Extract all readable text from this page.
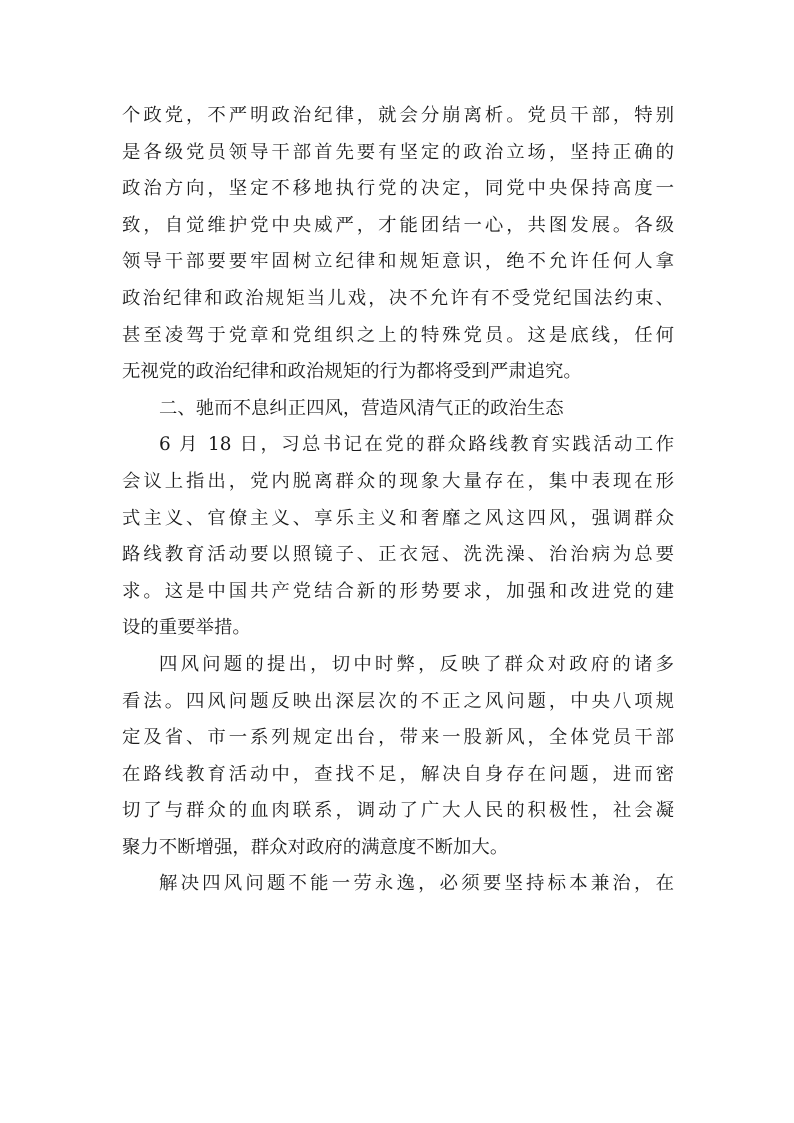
个政党，不严明政治纪律，就会分崩离析。党员干部，特别
是各级党员领导干部首先要有坚定的政治立场，坚持正确的
政治方向，坚定不移地执行党的决定，同党中央保持高度一
致，自觉维护党中央威严，才能团结一心，共图发展。各级
领导干部要要牢固树立纪律和规矩意识，绝不允许任何人拿
政治纪律和政治规矩当儿戏，决不允许有不受党纪国法约束、
甚至凌驾于党章和党组织之上的特殊党员。这是底线，任何
无视党的政治纪律和政治规矩的行为都将受到严肃追究。
二、驰而不息纠正四风，营造风清气正的政治生态
6 月 18 日，习总书记在党的群众路线教育实践活动工作
会议上指出，党内脱离群众的现象大量存在，集中表现在形
式主义、官僚主义、享乐主义和奢靡之风这四风，强调群众
路线教育活动要以照镜子、正衣冠、洗洗澡、治治病为总要
求。这是中国共产党结合新的形势要求，加强和改进党的建
设的重要举措。
四风问题的提出，切中时弊，反映了群众对政府的诸多
看法。四风问题反映出深层次的不正之风问题，中央八项规
定及省、市一系列规定出台，带来一股新风，全体党员干部
在路线教育活动中，查找不足，解决自身存在问题，进而密
切了与群众的血肉联系，调动了广大人民的积极性，社会凝
聚力不断增强，群众对政府的满意度不断加大。
解决四风问题不能一劳永逸，必须要坚持标本兼治，在
